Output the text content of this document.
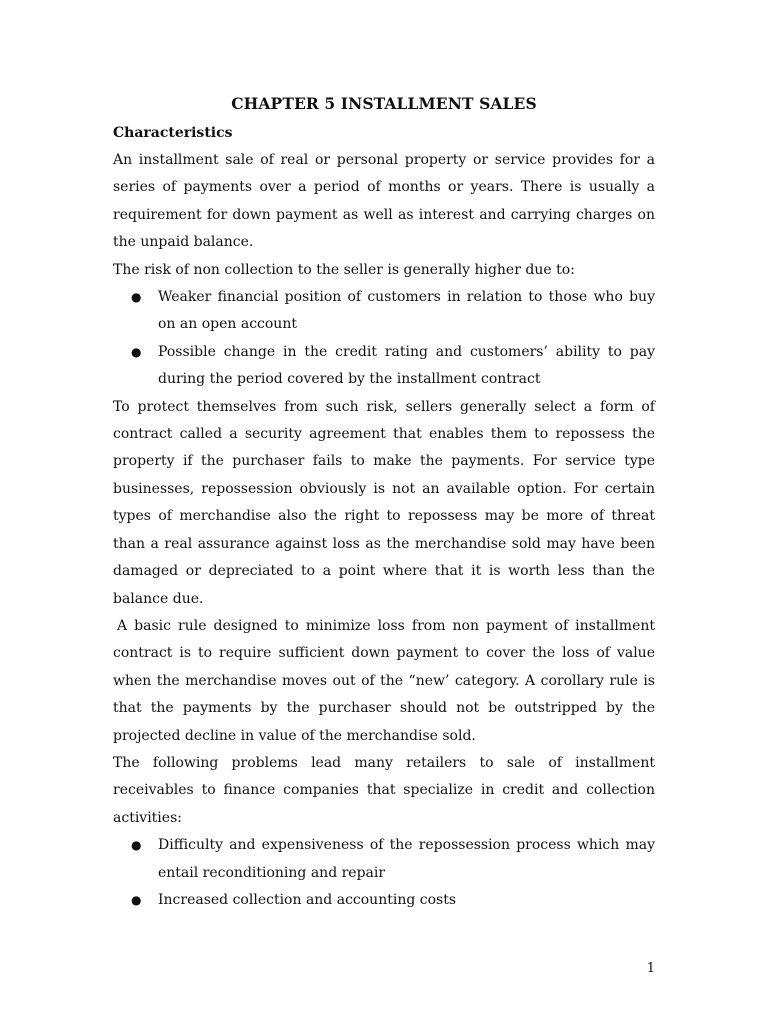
CHAPTER 5 INSTALLMENT SALES
Characteristics

An installment sale of real or personal property or service provides for a series of payments over a period of months or years. There is usually a requirement for down payment as well as interest and carrying charges on the unpaid balance.

The risk of non collection to the seller is generally higher due to:

● Weaker financial position of customers in relation to those who buy on an open account
● Possible change in the credit rating and customers’ ability to pay during the period covered by the installment contract

To protect themselves from such risk, sellers generally select a form of contract called a security agreement that enables them to repossess the property if the purchaser fails to make the payments. For service type businesses, repossession obviously is not an available option. For certain types of merchandise also the right to repossess may be more of threat than a real assurance against loss as the merchandise sold may have been damaged or depreciated to a point where that it is worth less than the balance due.

A basic rule designed to minimize loss from non payment of installment contract is to require sufficient down payment to cover the loss of value when the merchandise moves out of the “new’ category. A corollary rule is that the payments by the purchaser should not be outstripped by the projected decline in value of the merchandise sold.

The following problems lead many retailers to sale of installment receivables to finance companies that specialize in credit and collection activities:

● Difficulty and expensiveness of the repossession process which may entail reconditioning and repair
● Increased collection and accounting costs
1
